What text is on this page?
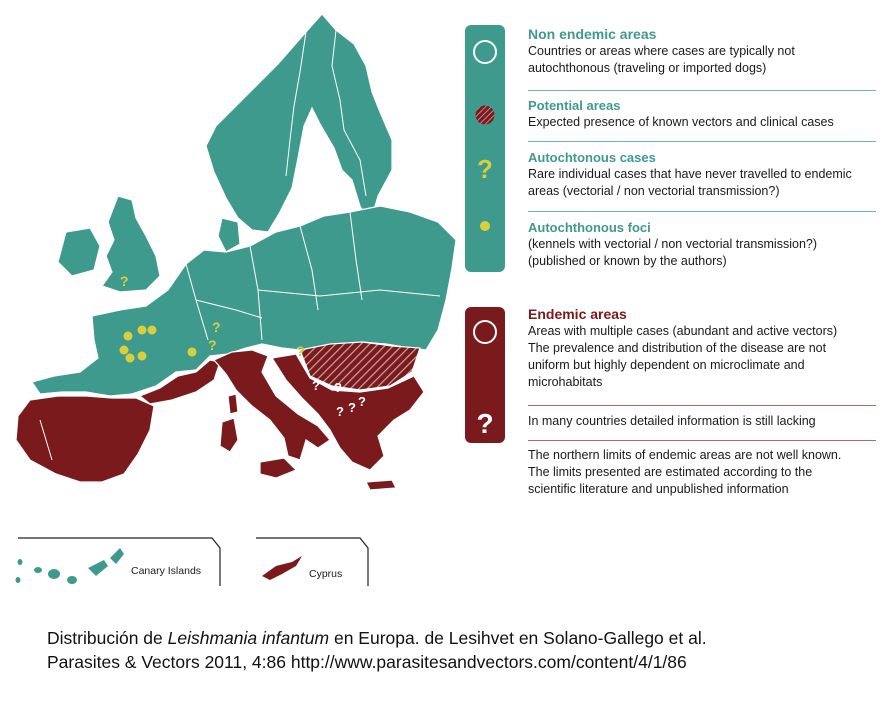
?
?
?	?
? ?
? ?
?
Canary Islands	Cyprus
?
?
Non endemic areas
Countries or areas where cases are typically not
autochthonous (traveling or imported dogs)
Potential areas
Expected presence of known vectors and clinical cases
Autochtonous cases
Rare individual cases that have never travelled to endemic
areas (vectorial / non vectorial transmission?)
Autochthonous foci
(kennels with vectorial / non vectorial transmission?)
(published or known by the authors)
Endemic areas
Areas with multiple cases (abundant and active vectors)
The prevalence and distribution of the disease are not
uniform but highly dependent on microclimate and
microhabitats
In many countries detailed information is still lacking
The northern limits of endemic areas are not well known.
The limits presented are estimated according to the
scientific literature and unpublished information
Distribución de Leishmania infantum en Europa. de Lesihvet en Solano-Gallego et al.
Parasites & Vectors 2011, 4:86 http://www.parasitesandvectors.com/content/4/1/86
